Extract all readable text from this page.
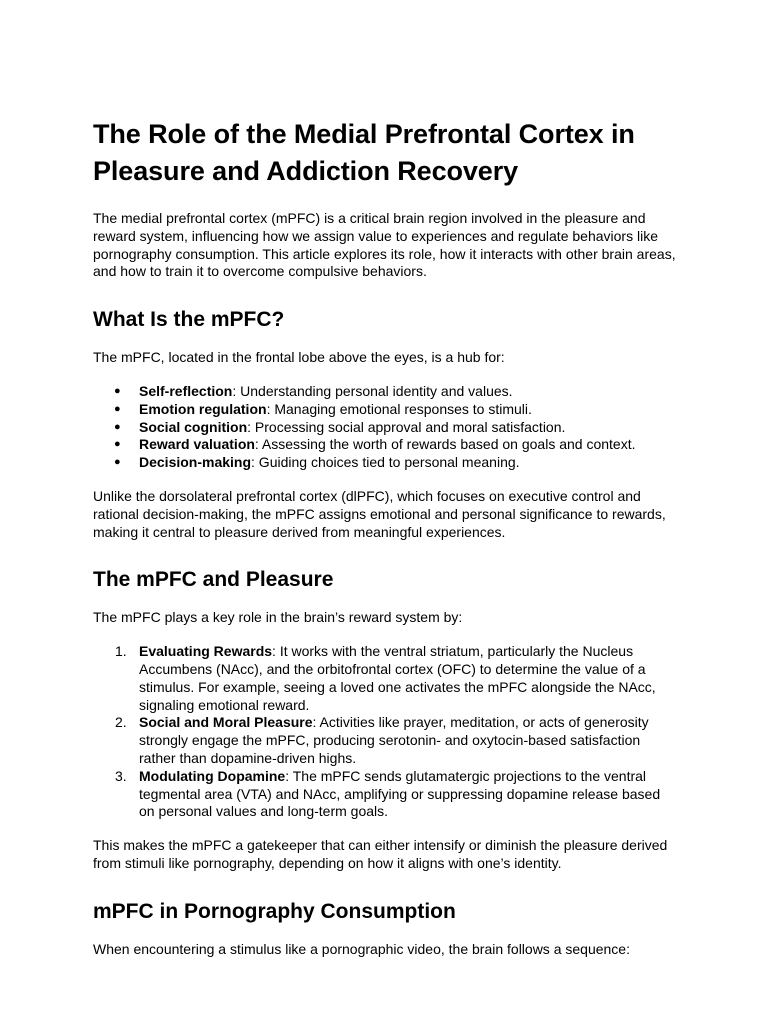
The Role of the Medial Prefrontal Cortex in Pleasure and Addiction Recovery

The medial prefrontal cortex (mPFC) is a critical brain region involved in the pleasure and reward system, influencing how we assign value to experiences and regulate behaviors like pornography consumption. This article explores its role, how it interacts with other brain areas, and how to train it to overcome compulsive behaviors.

What Is the mPFC?

The mPFC, located in the frontal lobe above the eyes, is a hub for:

● Self-reflection: Understanding personal identity and values.
● Emotion regulation: Managing emotional responses to stimuli.
● Social cognition: Processing social approval and moral satisfaction.
● Reward valuation: Assessing the worth of rewards based on goals and context.
● Decision-making: Guiding choices tied to personal meaning.

Unlike the dorsolateral prefrontal cortex (dlPFC), which focuses on executive control and rational decision-making, the mPFC assigns emotional and personal significance to rewards, making it central to pleasure derived from meaningful experiences.

The mPFC and Pleasure

The mPFC plays a key role in the brain’s reward system by:

1. Evaluating Rewards: It works with the ventral striatum, particularly the Nucleus Accumbens (NAcc), and the orbitofrontal cortex (OFC) to determine the value of a stimulus. For example, seeing a loved one activates the mPFC alongside the NAcc, signaling emotional reward.
2. Social and Moral Pleasure: Activities like prayer, meditation, or acts of generosity strongly engage the mPFC, producing serotonin- and oxytocin-based satisfaction rather than dopamine-driven highs.
3. Modulating Dopamine: The mPFC sends glutamatergic projections to the ventral tegmental area (VTA) and NAcc, amplifying or suppressing dopamine release based on personal values and long-term goals.

This makes the mPFC a gatekeeper that can either intensify or diminish the pleasure derived from stimuli like pornography, depending on how it aligns with one’s identity.

mPFC in Pornography Consumption

When encountering a stimulus like a pornographic video, the brain follows a sequence:
